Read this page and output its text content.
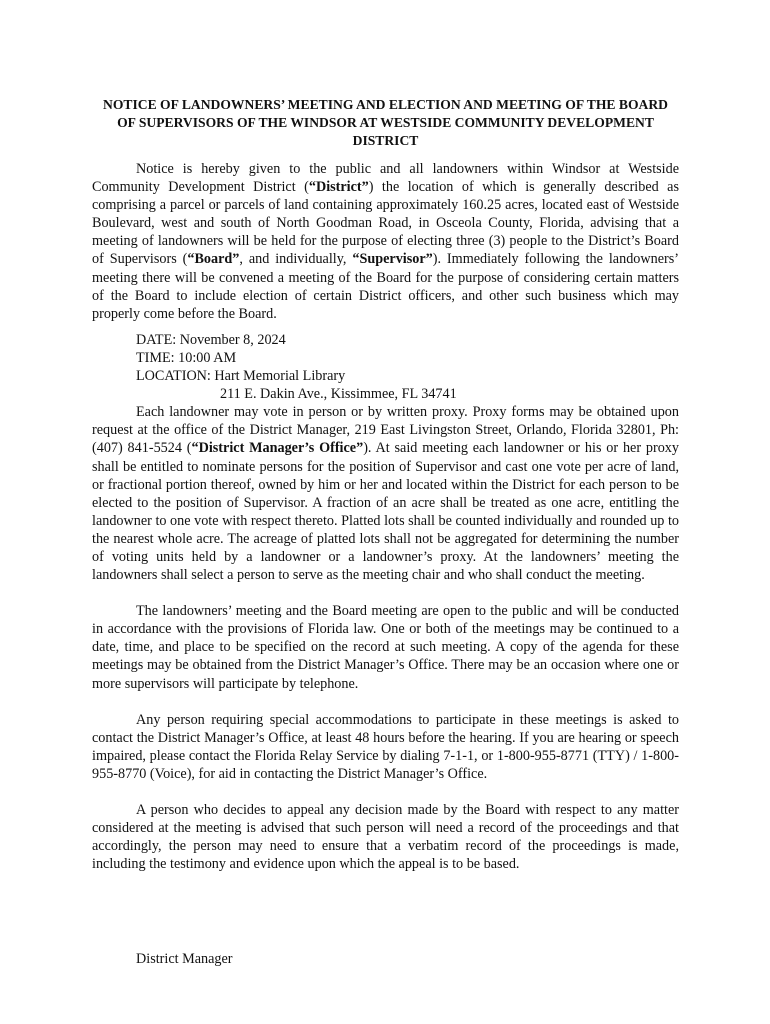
NOTICE OF LANDOWNERS’ MEETING AND ELECTION AND MEETING OF THE BOARD OF SUPERVISORS OF THE WINDSOR AT WESTSIDE COMMUNITY DEVELOPMENT DISTRICT

Notice is hereby given to the public and all landowners within Windsor at Westside Community Development District (“District”) the location of which is generally described as comprising a parcel or parcels of land containing approximately 160.25 acres, located east of Westside Boulevard, west and south of North Goodman Road, in Osceola County, Florida, advising that a meeting of landowners will be held for the purpose of electing three (3) people to the District’s Board of Supervisors (“Board”, and individually, “Supervisor”). Immediately following the landowners’ meeting there will be convened a meeting of the Board for the purpose of considering certain matters of the Board to include election of certain District officers, and other such business which may properly come before the Board.

DATE: November 8, 2024
TIME: 10:00 AM
LOCATION: Hart Memorial Library
211 E. Dakin Ave., Kissimmee, FL 34741

Each landowner may vote in person or by written proxy. Proxy forms may be obtained upon request at the office of the District Manager, 219 East Livingston Street, Orlando, Florida 32801, Ph: (407) 841-5524 (“District Manager’s Office”). At said meeting each landowner or his or her proxy shall be entitled to nominate persons for the position of Supervisor and cast one vote per acre of land, or fractional portion thereof, owned by him or her and located within the District for each person to be elected to the position of Supervisor. A fraction of an acre shall be treated as one acre, entitling the landowner to one vote with respect thereto. Platted lots shall be counted individually and rounded up to the nearest whole acre. The acreage of platted lots shall not be aggregated for determining the number of voting units held by a landowner or a landowner’s proxy. At the landowners’ meeting the landowners shall select a person to serve as the meeting chair and who shall conduct the meeting.

The landowners’ meeting and the Board meeting are open to the public and will be conducted in accordance with the provisions of Florida law. One or both of the meetings may be continued to a date, time, and place to be specified on the record at such meeting. A copy of the agenda for these meetings may be obtained from the District Manager’s Office. There may be an occasion where one or more supervisors will participate by telephone.

Any person requiring special accommodations to participate in these meetings is asked to contact the District Manager’s Office, at least 48 hours before the hearing. If you are hearing or speech impaired, please contact the Florida Relay Service by dialing 7-1-1, or 1-800-955-8771 (TTY) / 1-800-955-8770 (Voice), for aid in contacting the District Manager’s Office.

A person who decides to appeal any decision made by the Board with respect to any matter considered at the meeting is advised that such person will need a record of the proceedings and that accordingly, the person may need to ensure that a verbatim record of the proceedings is made, including the testimony and evidence upon which the appeal is to be based.

District Manager
